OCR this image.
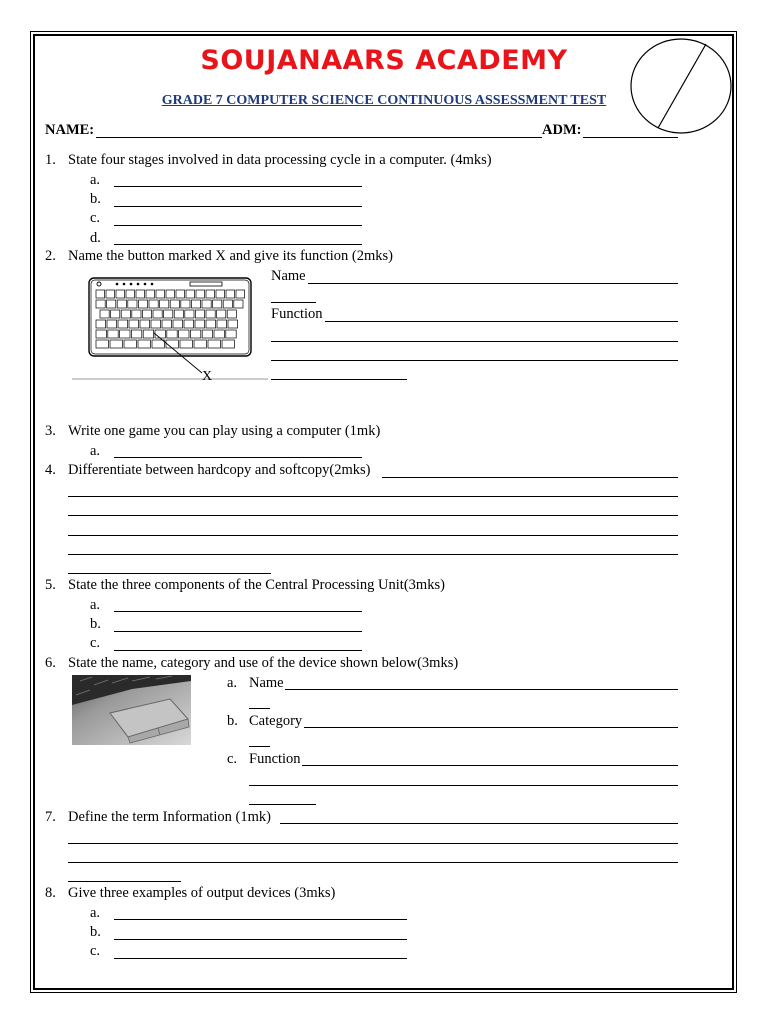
SOUJANAARS ACADEMY
GRADE 7 COMPUTER SCIENCE CONTINUOUS ASSESSMENT TEST
NAME:	ADM:
1. State four stages involved in data processing cycle in a computer. (4mks)
a.
b.
c.
d.
2. Name the button marked X and give its function (2mks)
X
Name
Function
3. Write one game you can play using a computer (1mk)
a.
4. Differentiate between hardcopy and softcopy(2mks)
5. State the three components of the Central Processing Unit(3mks)
a.
b.
c.
6. State the name, category and use of the device shown below(3mks)
a. Name
b. Category
c. Function
7. Define the term Information (1mk)
8. Give three examples of output devices (3mks)
a.
b.
c.
